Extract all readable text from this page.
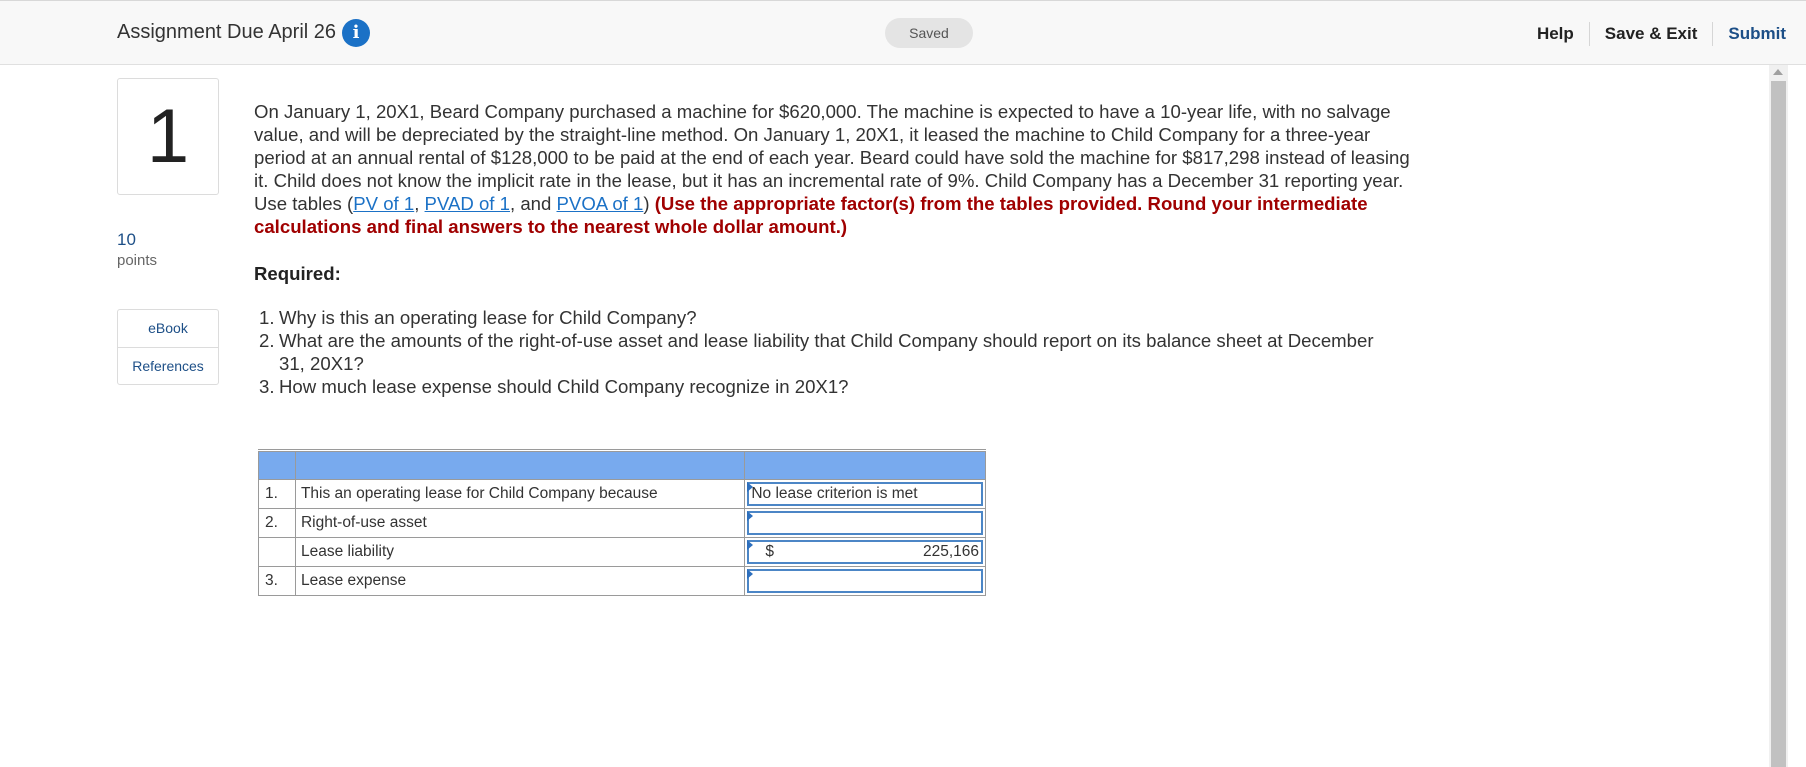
Assignment Due April 26 i	Saved	Help	Save & Exit	Submit
1
10
points
eBook
References
On January 1, 20X1, Beard Company purchased a machine for $620,000. The machine is expected to have a 10-year life, with no salvage value, and will be depreciated by the straight-line method. On January 1, 20X1, it leased the machine to Child Company for a three-year period at an annual rental of $128,000 to be paid at the end of each year. Beard could have sold the machine for $817,298 instead of leasing it. Child does not know the implicit rate in the lease, but it has an incremental rate of 9%. Child Company has a December 31 reporting year. Use tables (PV of 1, PVAD of 1, and PVOA of 1) (Use the appropriate factor(s) from the tables provided. Round your intermediate calculations and final answers to the nearest whole dollar amount.)
Required:
1. Why is this an operating lease for Child Company?
2. What are the amounts of the right-of-use asset and lease liability that Child Company should report on its balance sheet at December 31, 20X1?
3. How much lease expense should Child Company recognize in 20X1?

1.	This an operating lease for Child Company because	No lease criterion is met

2.	Right-of-use asset	

	Lease liability	$ 225,166

3.	Lease expense	
